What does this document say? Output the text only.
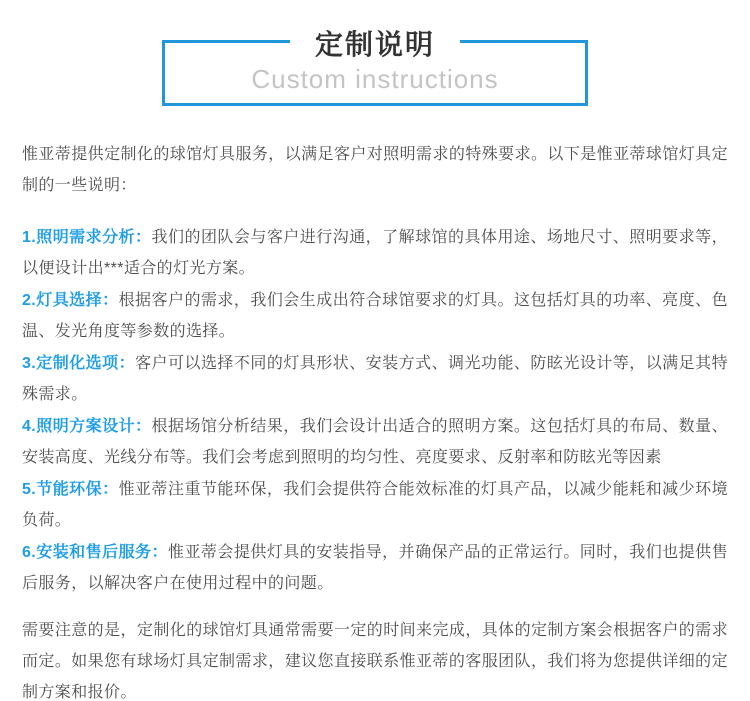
定制说明
Custom instructions

惟亚蒂提供定制化的球馆灯具服务，以满足客户对照明需求的特殊要求。以下是惟亚蒂球馆灯具定制的一些说明：

1.照明需求分析：我们的团队会与客户进行沟通，了解球馆的具体用途、场地尺寸、照明要求等，以便设计出***适合的灯光方案。

2.灯具选择：根据客户的需求，我们会生成出符合球馆要求的灯具。这包括灯具的功率、亮度、色温、发光角度等参数的选择。

3.定制化选项：客户可以选择不同的灯具形状、安装方式、调光功能、防眩光设计等，以满足其特殊需求。

4.照明方案设计：根据场馆分析结果，我们会设计出适合的照明方案。这包括灯具的布局、数量、安装高度、光线分布等。我们会考虑到照明的均匀性、亮度要求、反射率和防眩光等因素

5.节能环保：惟亚蒂注重节能环保，我们会提供符合能效标准的灯具产品，以减少能耗和减少环境负荷。

6.安装和售后服务：惟亚蒂会提供灯具的安装指导，并确保产品的正常运行。同时，我们也提供售后服务，以解决客户在使用过程中的问题。

需要注意的是，定制化的球馆灯具通常需要一定的时间来完成，具体的定制方案会根据客户的需求而定。如果您有球场灯具定制需求，建议您直接联系惟亚蒂的客服团队，我们将为您提供详细的定制方案和报价。
